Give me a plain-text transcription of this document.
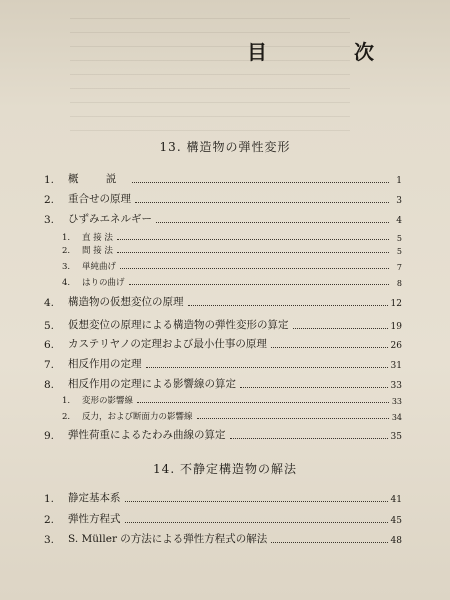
目 次
13. 構造物の弾性変形
1.	概 説	1
2.	重合せの原理	3
3.	ひずみエネルギー	4
1.	直 接 法	5
2.	間 接 法	5
3.	単純曲げ	7
4.	はりの曲げ	8
4.	構造物の仮想変位の原理	12
5.	仮想変位の原理による構造物の弾性変形の算定	19
6.	カステリヤノの定理および最小仕事の原理	26
7.	相反作用の定理	31
8.	相反作用の定理による影響線の算定	33
1.	変形の影響線	33
2.	反力，および断面力の影響線	34
9.	弾性荷重によるたわみ曲線の算定	35
14. 不静定構造物の解法
1.	静定基本系	41
2.	弾性方程式	45
3.	S. Müller の方法による弾性方程式の解法	48
